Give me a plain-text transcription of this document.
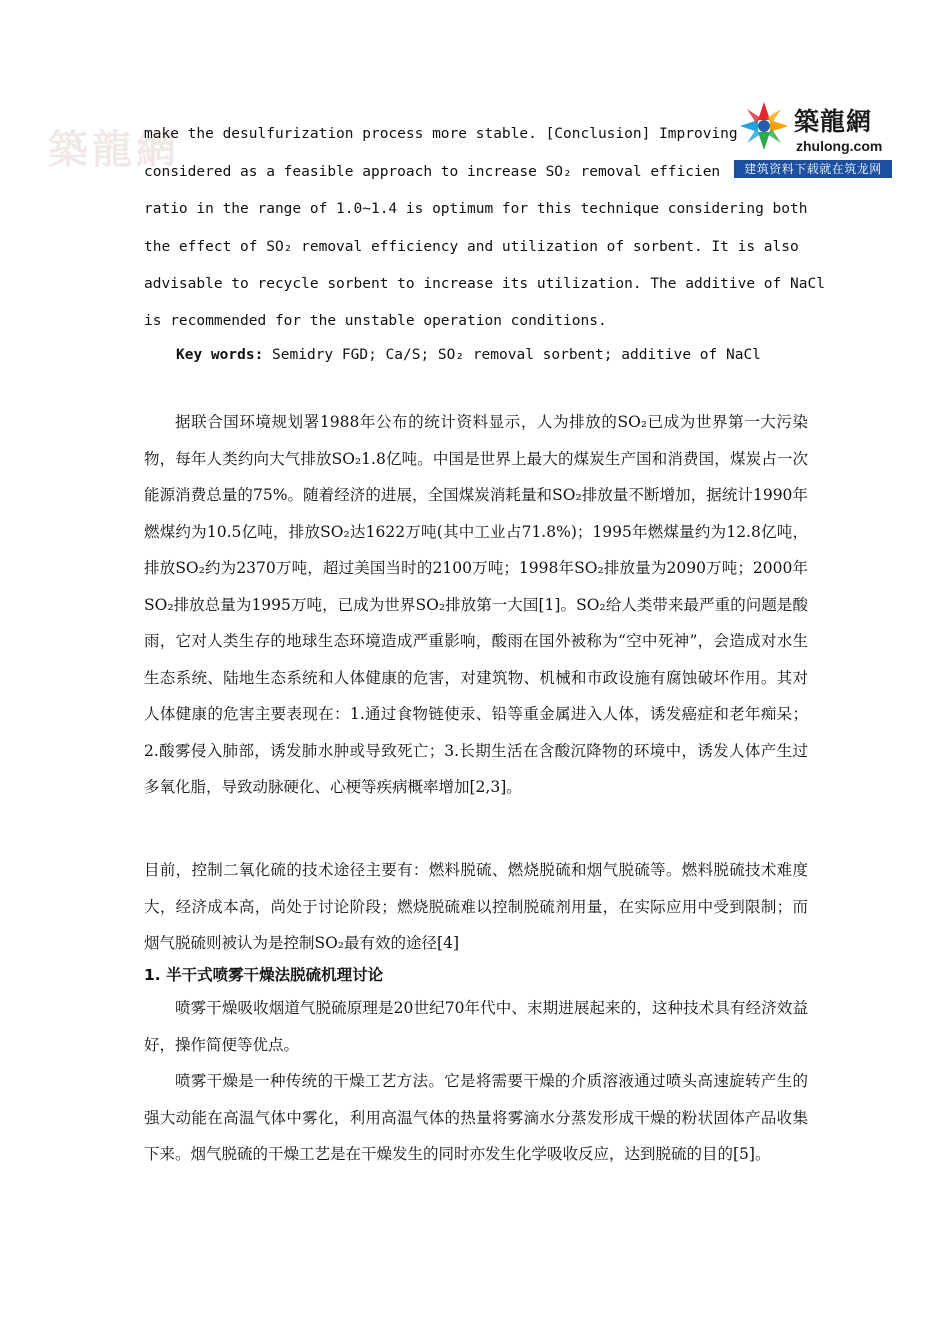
築龍網
築龍網
zhulong.com
建筑资料下载就在筑龙网
make the desulfurization process more stable. [Conclusion] Improving
considered as a feasible approach to increase SO₂ removal efficien
ratio in the range of 1.0~1.4 is optimum for this technique considering both
the effect of SO₂ removal efficiency and utilization of sorbent. It is also
advisable to recycle sorbent to increase its utilization. The additive of NaCl
is recommended for the unstable operation conditions.
Key words: Semidry FGD; Ca/S; SO₂ removal sorbent; additive of NaCl

据联合国环境规划署1988年公布的统计资料显示，人为排放的SO₂已成为世界第一大污染物，每年人类约向大气排放SO₂1.8亿吨。中国是世界上最大的煤炭生产国和消费国，煤炭占一次能源消费总量的75%。随着经济的进展，全国煤炭消耗量和SO₂排放量不断增加，据统计1990年燃煤约为10.5亿吨，排放SO₂达1622万吨(其中工业占71.8%)；1995年燃煤量约为12.8亿吨，排放SO₂约为2370万吨，超过美国当时的2100万吨；1998年SO₂排放量为2090万吨；2000年SO₂排放总量为1995万吨，已成为世界SO₂排放第一大国[1]。SO₂给人类带来最严重的问题是酸雨，它对人类生存的地球生态环境造成严重影响，酸雨在国外被称为“空中死神”，会造成对水生生态系统、陆地生态系统和人体健康的危害，对建筑物、机械和市政设施有腐蚀破坏作用。其对人体健康的危害主要表现在：1.通过食物链使汞、铅等重金属进入人体，诱发癌症和老年痴呆；2.酸雾侵入肺部，诱发肺水肿或导致死亡；3.长期生活在含酸沉降物的环境中，诱发人体产生过多氧化脂，导致动脉硬化、心梗等疾病概率增加[2,3]。

目前，控制二氧化硫的技术途径主要有：燃料脱硫、燃烧脱硫和烟气脱硫等。燃料脱硫技术难度大，经济成本高，尚处于讨论阶段；燃烧脱硫难以控制脱硫剂用量，在实际应用中受到限制；而烟气脱硫则被认为是控制SO₂最有效的途径[4]

1. 半干式喷雾干燥法脱硫机理讨论

喷雾干燥吸收烟道气脱硫原理是20世纪70年代中、末期进展起来的，这种技术具有经济效益好，操作简便等优点。

喷雾干燥是一种传统的干燥工艺方法。它是将需要干燥的介质溶液通过喷头高速旋转产生的强大动能在高温气体中雾化，利用高温气体的热量将雾滴水分蒸发形成干燥的粉状固体产品收集下来。烟气脱硫的干燥工艺是在干燥发生的同时亦发生化学吸收反应，达到脱硫的目的[5]。
